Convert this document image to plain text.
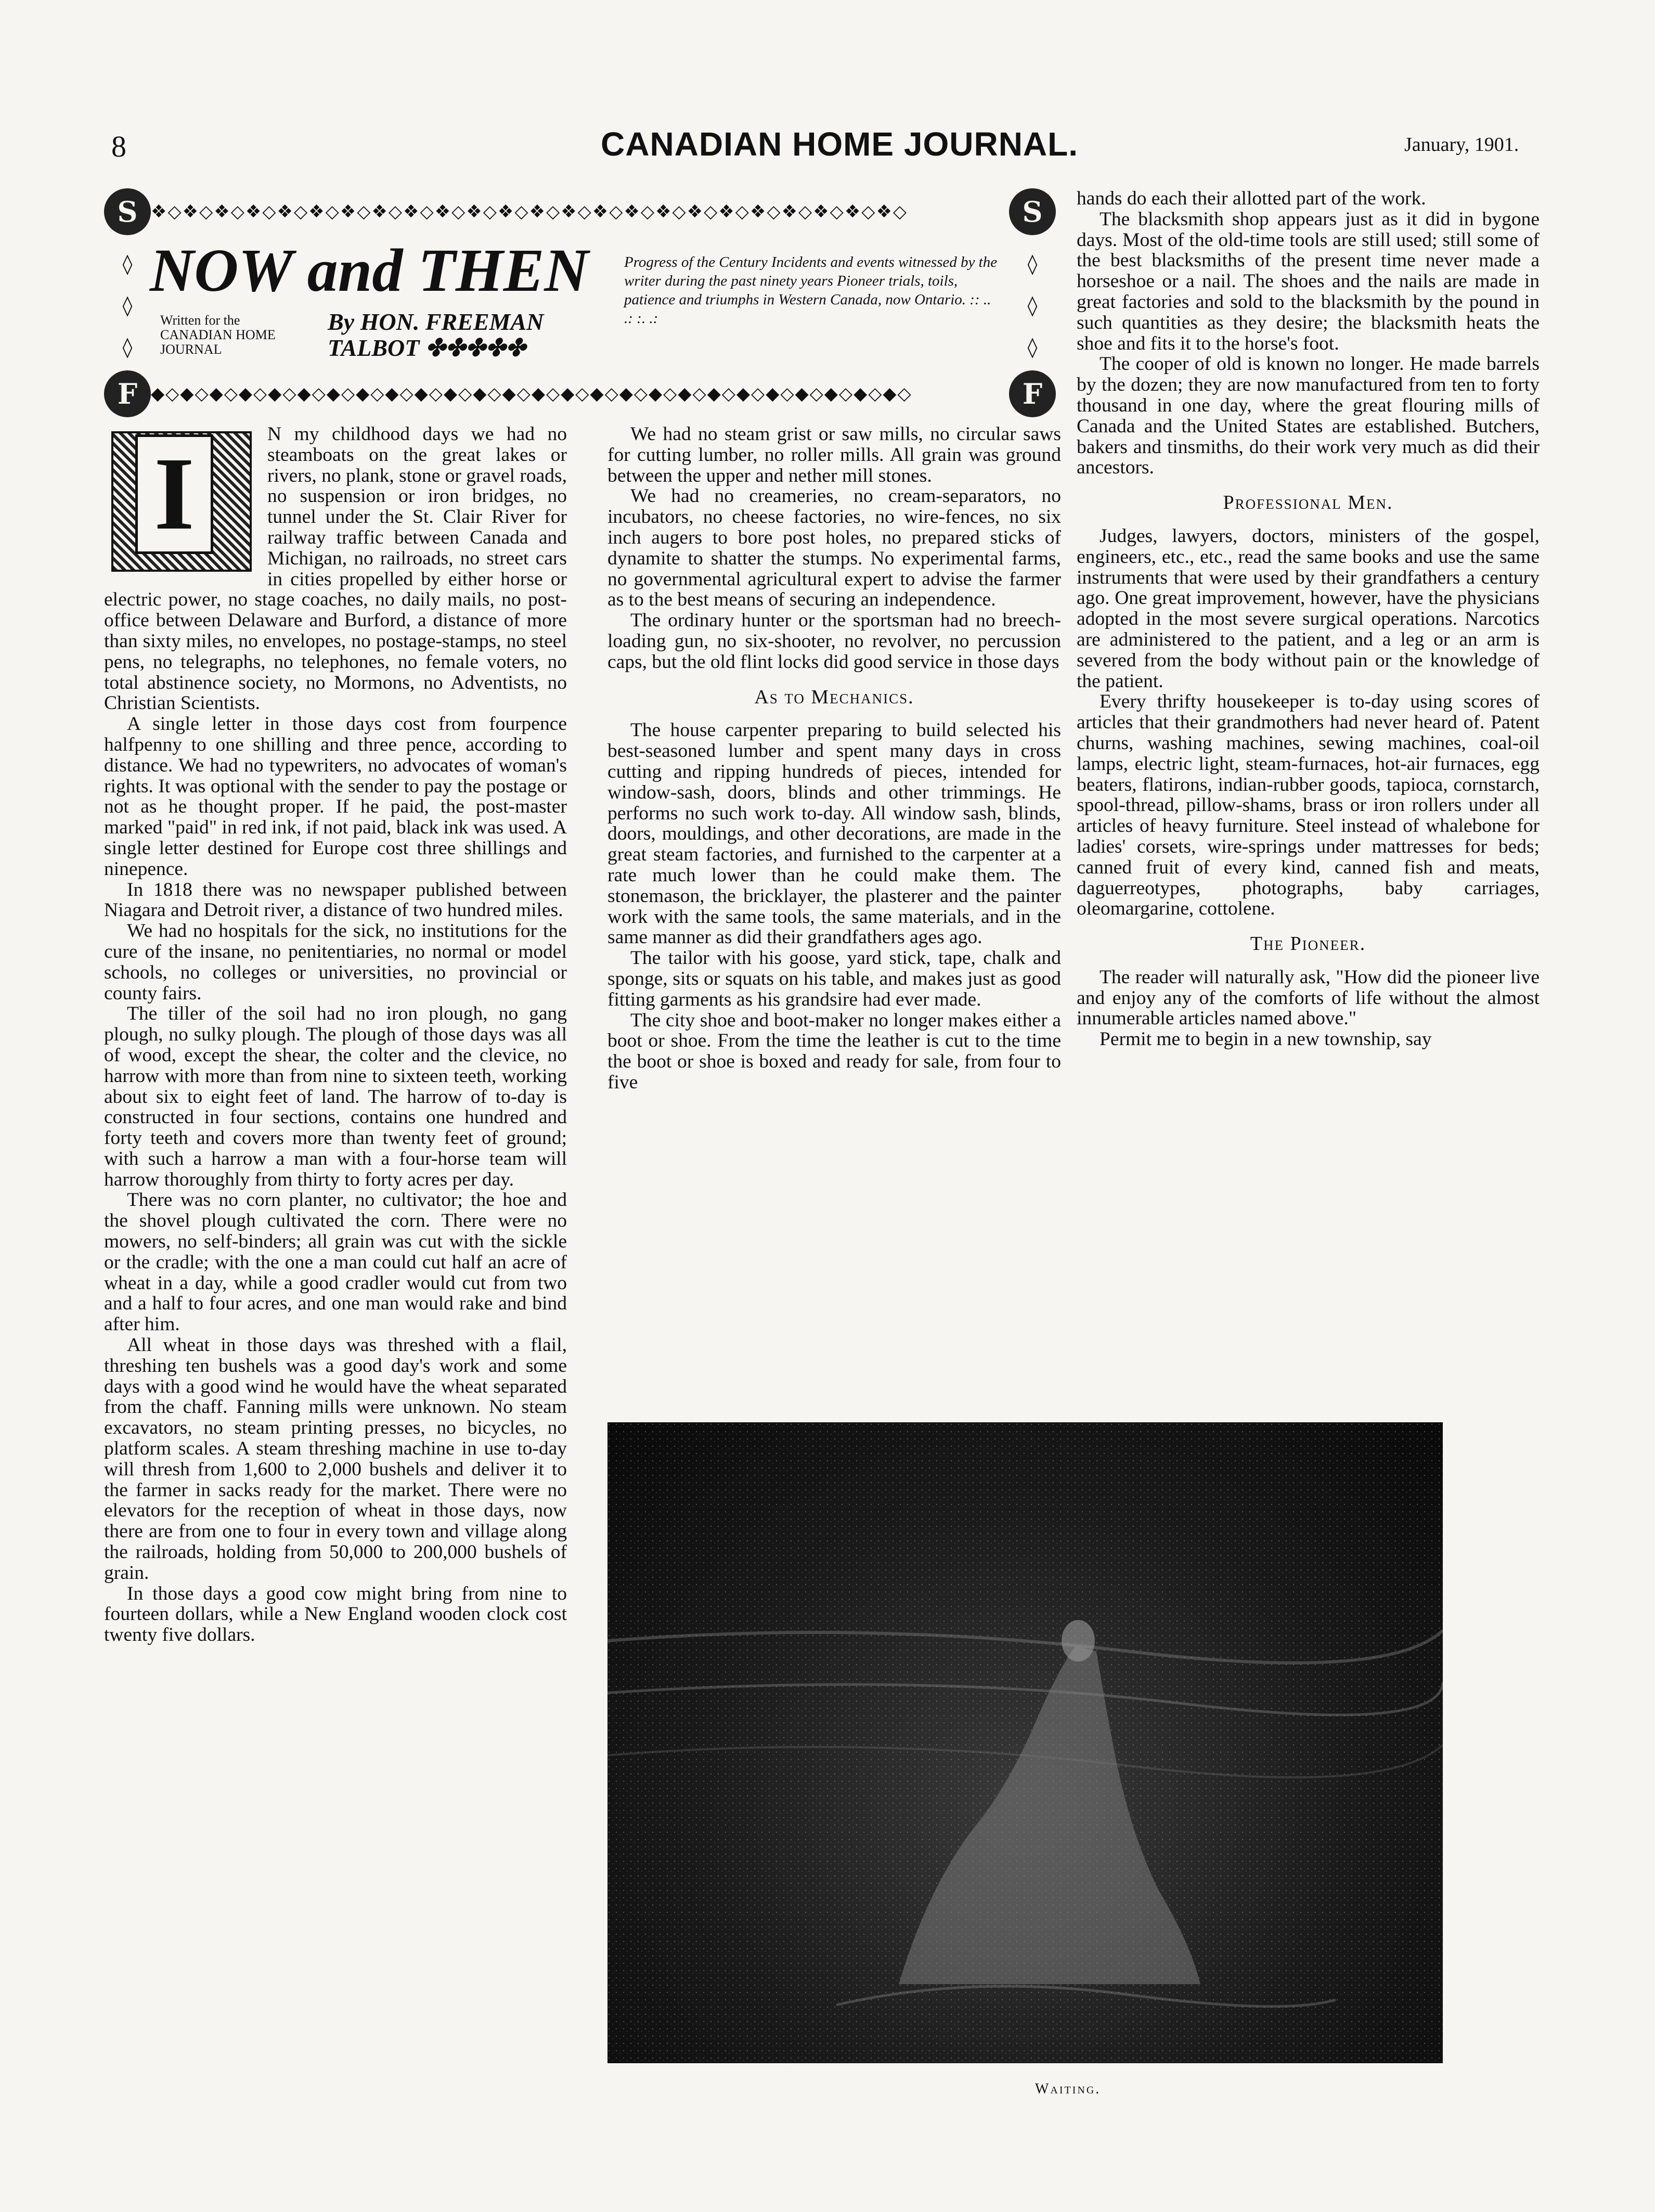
8	CANADIAN HOME JOURNAL.	January, 1901.
S	S
F	F
❖◇❖◇❖◇❖◇❖◇❖◇❖◇❖◇❖◇❖◇❖◇❖◇❖◇❖◇❖◇❖◇❖◇❖◇❖◇❖◇❖◇❖◇❖◇❖◇
◆◇◆◇◆◇◆◇◆◇◆◇◆◇◆◇◆◇◆◇◆◇◆◇◆◇◆◇◆◇◆◇◆◇◆◇◆◇◆◇◆◇◆◇◆◇◆◇◆◇◆◇
◊
◊
◊
◊
◊
◊
NOW and THEN
Written for the CANADIAN HOME JOURNAL
By HON. FREEMAN TALBOT ✤✤✤✤✤
Progress of the Century Incidents and events witnessed by the writer during the past ninety years Pioneer trials, toils, patience and triumphs in Western Canada, now Ontario. :: .. .: :. .:
I

N my childhood days we had no steamboats on the great lakes or rivers, no plank, stone or gravel roads, no suspension or iron bridges, no tunnel under the St. Clair River for railway traffic between Canada and Michigan, no railroads, no street cars in cities propelled by either horse or electric power, no stage coaches, no daily mails, no post-office between Delaware and Burford, a distance of more than sixty miles, no envelopes, no postage-stamps, no steel pens, no telegraphs, no telephones, no female voters, no total abstinence society, no Mormons, no Adventists, no Christian Scientists.

A single letter in those days cost from fourpence halfpenny to one shilling and three pence, according to distance. We had no typewriters, no advocates of woman's rights. It was optional with the sender to pay the postage or not as he thought proper. If he paid, the post-master marked "paid" in red ink, if not paid, black ink was used. A single letter destined for Europe cost three shillings and ninepence.

In 1818 there was no newspaper published between Niagara and Detroit river, a distance of two hundred miles.

We had no hospitals for the sick, no institutions for the cure of the insane, no penitentiaries, no normal or model schools, no colleges or universities, no provincial or county fairs.

The tiller of the soil had no iron plough, no gang plough, no sulky plough. The plough of those days was all of wood, except the shear, the colter and the clevice, no harrow with more than from nine to sixteen teeth, working about six to eight feet of land. The harrow of to-day is constructed in four sections, contains one hundred and forty teeth and covers more than twenty feet of ground; with such a harrow a man with a four-horse team will harrow thoroughly from thirty to forty acres per day.

There was no corn planter, no cultivator; the hoe and the shovel plough cultivated the corn. There were no mowers, no self-binders; all grain was cut with the sickle or the cradle; with the one a man could cut half an acre of wheat in a day, while a good cradler would cut from two and a half to four acres, and one man would rake and bind after him.

All wheat in those days was threshed with a flail, threshing ten bushels was a good day's work and some days with a good wind he would have the wheat separated from the chaff. Fanning mills were unknown. No steam excavators, no steam printing presses, no bicycles, no platform scales. A steam threshing machine in use to-day will thresh from 1,600 to 2,000 bushels and deliver it to the farmer in sacks ready for the market. There were no elevators for the reception of wheat in those days, now there are from one to four in every town and village along the railroads, holding from 50,000 to 200,000 bushels of grain.

In those days a good cow might bring from nine to fourteen dollars, while a New England wooden clock cost twenty five dollars.

We had no steam grist or saw mills, no circular saws for cutting lumber, no roller mills. All grain was ground between the upper and nether mill stones.

We had no creameries, no cream-separators, no incubators, no cheese factories, no wire-fences, no six inch augers to bore post holes, no prepared sticks of dynamite to shatter the stumps. No experimental farms, no governmental agricultural expert to advise the farmer as to the best means of securing an independence.

The ordinary hunter or the sportsman had no breech-loading gun, no six-shooter, no revolver, no percussion caps, but the old flint locks did good service in those days

As to Mechanics.

The house carpenter preparing to build selected his best-seasoned lumber and spent many days in cross cutting and ripping hundreds of pieces, intended for window-sash, doors, blinds and other trimmings. He performs no such work to-day. All window sash, blinds, doors, mouldings, and other decorations, are made in the great steam factories, and furnished to the carpenter at a rate much lower than he could make them. The stonemason, the bricklayer, the plasterer and the painter work with the same tools, the same materials, and in the same manner as did their grandfathers ages ago.

The tailor with his goose, yard stick, tape, chalk and sponge, sits or squats on his table, and makes just as good fitting garments as his grandsire had ever made.

The city shoe and boot-maker no longer makes either a boot or shoe. From the time the leather is cut to the time the boot or shoe is boxed and ready for sale, from four to five

hands do each their allotted part of the work.

The blacksmith shop appears just as it did in bygone days. Most of the old-time tools are still used; still some of the best blacksmiths of the present time never made a horseshoe or a nail. The shoes and the nails are made in great factories and sold to the blacksmith by the pound in such quantities as they desire; the blacksmith heats the shoe and fits it to the horse's foot.

The cooper of old is known no longer. He made barrels by the dozen; they are now manufactured from ten to forty thousand in one day, where the great flouring mills of Canada and the United States are established. Butchers, bakers and tinsmiths, do their work very much as did their ancestors.

Professional Men.

Judges, lawyers, doctors, ministers of the gospel, engineers, etc., etc., read the same books and use the same instruments that were used by their grandfathers a century ago. One great improvement, however, have the physicians adopted in the most severe surgical operations. Narcotics are administered to the patient, and a leg or an arm is severed from the body without pain or the knowledge of the patient.

Every thrifty housekeeper is to-day using scores of articles that their grandmothers had never heard of. Patent churns, washing machines, sewing machines, coal-oil lamps, electric light, steam-furnaces, hot-air furnaces, egg beaters, flatirons, indian-rubber goods, tapioca, cornstarch, spool-thread, pillow-shams, brass or iron rollers under all articles of heavy furniture. Steel instead of whalebone for ladies' corsets, wire-springs under mattresses for beds; canned fruit of every kind, canned fish and meats, daguerreotypes, photographs, baby carriages, oleomargarine, cottolene.

The Pioneer.

The reader will naturally ask, "How did the pioneer live and enjoy any of the comforts of life without the almost innumerable articles named above."

Permit me to begin in a new township, say

Waiting.
